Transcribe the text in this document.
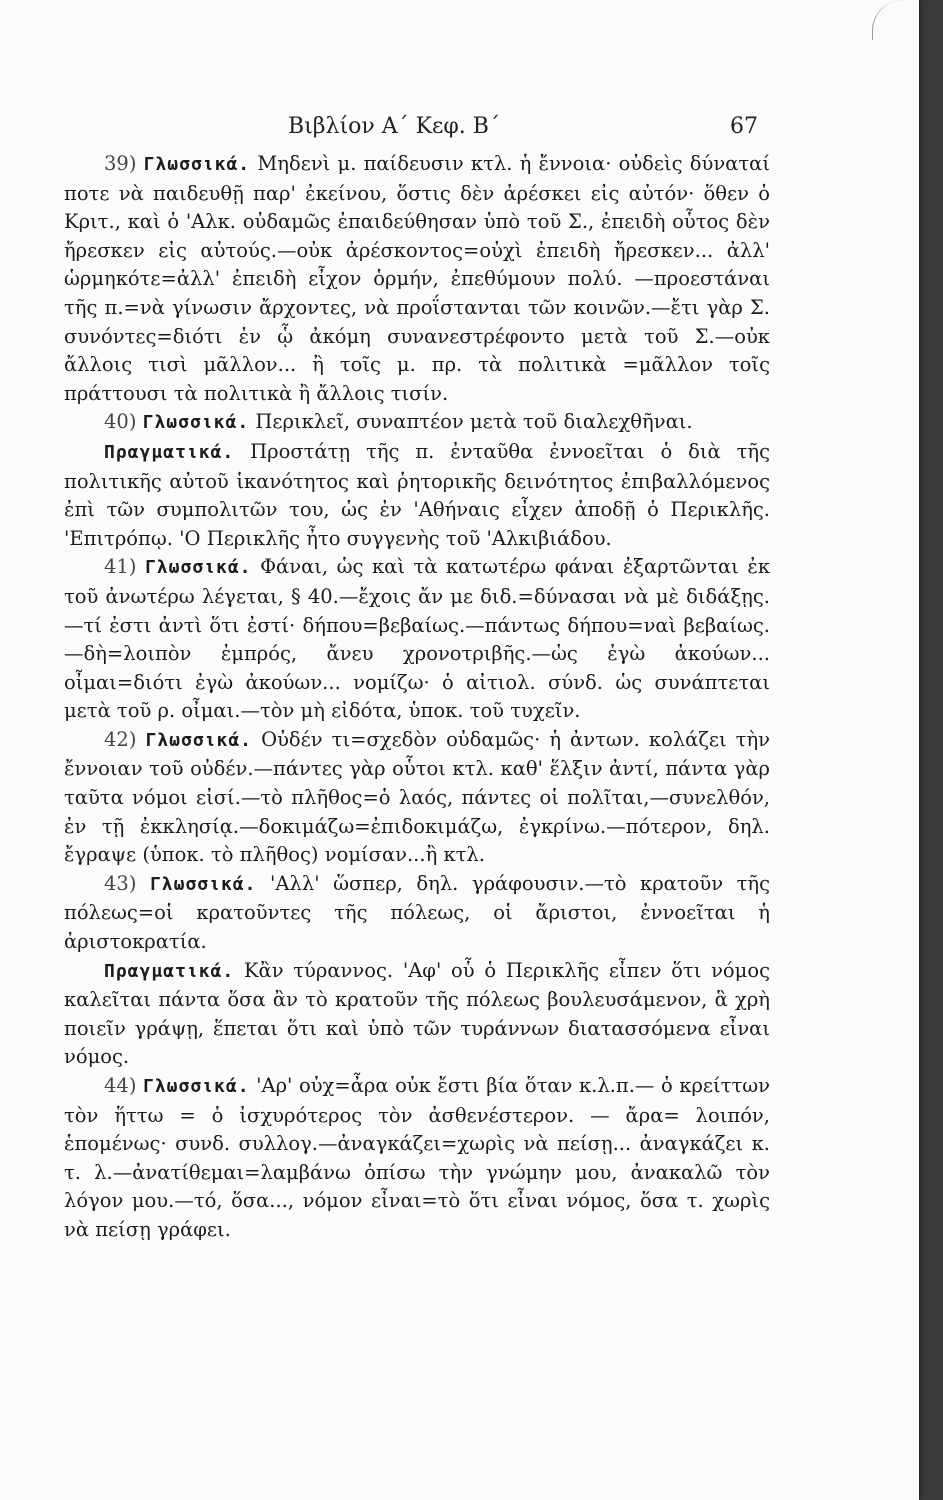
Βιβλίον Α΄ Κεφ. Β΄	67

39) Γλωσσικά. Μηδενὶ μ. παίδευσιν κτλ. ἡ ἔννοια· οὐδεὶς δύναταί ποτε νὰ παιδευθῇ παρ' ἐκείνου, ὅστις δὲν ἀρέσκει εἰς αὐτόν· ὅθεν ὁ Κριτ., καὶ ὁ 'Αλκ. οὐδαμῶς ἐπαιδεύθησαν ὑπὸ τοῦ Σ., ἐπειδὴ οὗτος δὲν ἤρεσκεν εἰς αὐτούς.—οὐκ ἀρέσκοντος=οὐχὶ ἐπειδὴ ἤρεσκεν... ἀλλ' ὡρμηκότε=ἀλλ' ἐπειδὴ εἶχον ὁρμήν, ἐπεθύμουν πολύ. —προεστάναι τῆς π.=νὰ γίνωσιν ἄρχοντες, νὰ προΐστανται τῶν κοινῶν.—ἔτι γὰρ Σ. συνόντες=διότι ἐν ᾧ ἀκόμη συνανεστρέφοντο μετὰ τοῦ Σ.—οὐκ ἄλλοις τισὶ μᾶλλον... ἢ τοῖς μ. πρ. τὰ πολιτικὰ =μᾶλλον τοῖς πράττουσι τὰ πολιτικὰ ἢ ἄλλοις τισίν.

40) Γλωσσικά. Περικλεῖ, συναπτέον μετὰ τοῦ διαλεχθῆναι.

Πραγματικά. Προστάτῃ τῆς π. ἐνταῦθα ἐννοεῖται ὁ διὰ τῆς πολιτικῆς αὐτοῦ ἱκανότητος καὶ ῥητορικῆς δεινότητος ἐπιβαλλόμενος ἐπὶ τῶν συμπολιτῶν του, ὡς ἐν 'Αθήναις εἶχεν ἀποδῇ ὁ Περικλῆς. 'Επιτρόπῳ. 'Ο Περικλῆς ἦτο συγγενὴς τοῦ 'Αλκιβιάδου.

41) Γλωσσικά. Φάναι, ὡς καὶ τὰ κατωτέρω φάναι ἐξαρτῶνται ἐκ τοῦ ἀνωτέρω λέγεται, § 40.—ἔχοις ἄν με διδ.=δύνασαι νὰ μὲ διδάξῃς.—τί ἐστι ἀντὶ ὅτι ἐστί· δήπου=βεβαίως.—πάντως δήπου=ναὶ βεβαίως.—δὴ=λοιπὸν ἐμπρός, ἄνευ χρονοτριβῆς.—ὡς ἐγὼ ἀκούων... οἶμαι=διότι ἐγὼ ἀκούων... νομίζω· ὁ αἰτιολ. σύνδ. ὡς συνάπτεται μετὰ τοῦ ρ. οἶμαι.—τὸν μὴ εἰδότα, ὑποκ. τοῦ τυχεῖν.

42) Γλωσσικά. Οὐδέν τι=σχεδὸν οὐδαμῶς· ἡ ἀντων. κολάζει τὴν ἔννοιαν τοῦ οὐδέν.—πάντες γὰρ οὗτοι κτλ. καθ' ἕλξιν ἀντί, πάντα γὰρ ταῦτα νόμοι εἰσί.—τὸ πλῆθος=ὁ λαός, πάντες οἱ πολῖται,—συνελθόν, ἐν τῇ ἐκκλησίᾳ.—δοκιμάζω=ἐπιδοκιμάζω, ἐγκρίνω.—πότερον, δηλ. ἔγραψε (ὑποκ. τὸ πλῆθος) νομίσαν...ἢ κτλ.

43) Γλωσσικά. 'Αλλ' ὥσπερ, δηλ. γράφουσιν.—τὸ κρατοῦν τῆς πόλεως=οἱ κρατοῦντες τῆς πόλεως, οἱ ἄριστοι, ἐννοεῖται ἡ ἀριστοκρατία.

Πραγματικά. Κἂν τύραννος. 'Αφ' οὗ ὁ Περικλῆς εἶπεν ὅτι νόμος καλεῖται πάντα ὅσα ἂν τὸ κρατοῦν τῆς πόλεως βουλευσάμενον, ἃ χρὴ ποιεῖν γράψῃ, ἕπεται ὅτι καὶ ὑπὸ τῶν τυράννων διατασσόμενα εἶναι νόμος.

44) Γλωσσικά. 'Αρ' οὐχ=ἆρα οὐκ ἔστι βία ὅταν κ.λ.π.— ὁ κρείττων τὸν ἥττω = ὁ ἰσχυρότερος τὸν ἀσθενέστερον. — ἄρα= λοιπόν, ἑπομένως· συνδ. συλλογ.—ἀναγκάζει=χωρὶς νὰ πείσῃ... ἀναγκάζει κ. τ. λ.—ἀνατίθεμαι=λαμβάνω ὀπίσω τὴν γνώμην μου, ἀνακαλῶ τὸν λόγον μου.—τό, ὅσα..., νόμον εἶναι=τὸ ὅτι εἶναι νόμος, ὅσα τ. χωρὶς νὰ πείσῃ γράφει.
